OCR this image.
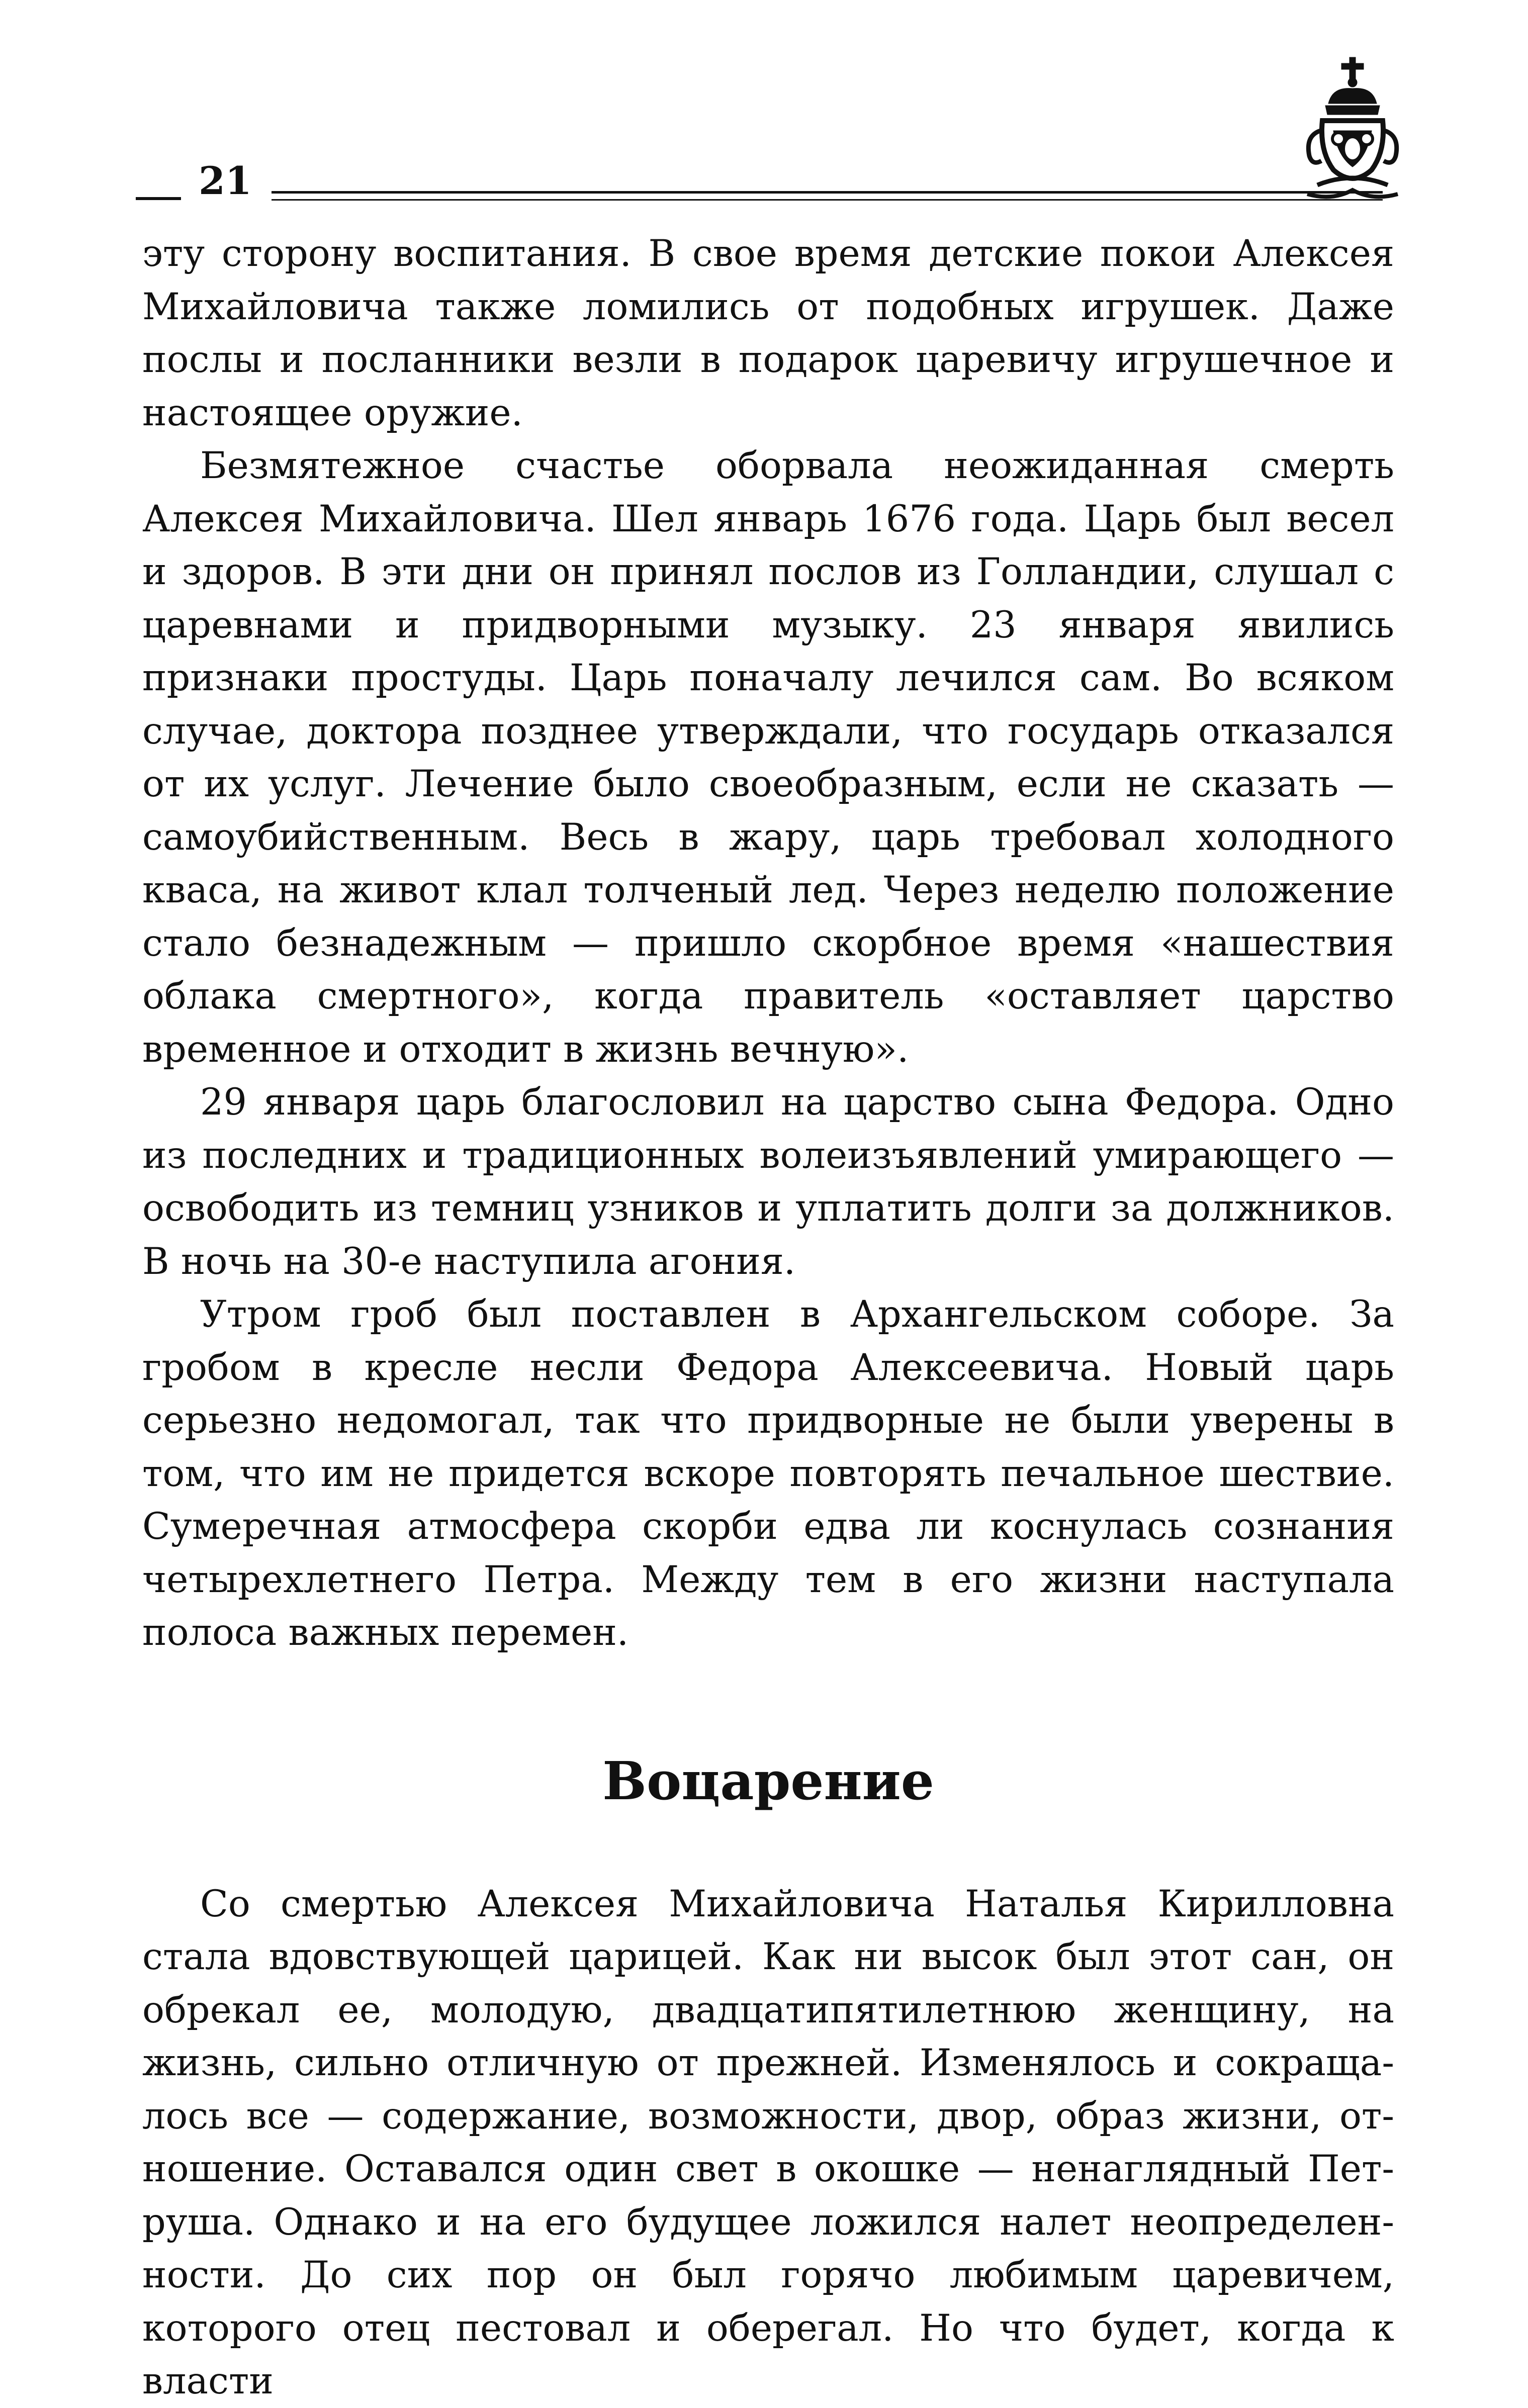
21

эту сторону воспитания. В свое время детские покои Алексея Михайловича также ломились от подобных игрушек. Даже послы и посланники везли в подарок царевичу игрушечное и настоящее оружие.

Безмятежное счастье оборвала неожиданная смерть Алексея Михайловича. Шел январь 1676 года. Царь был весел и здоров. В эти дни он принял послов из Голландии, слушал с царевнами и придворными музыку. 23 января явились признаки простуды. Царь поначалу лечился сам. Во всяком случае, доктора позднее утверждали, что государь отказался от их услуг. Лечение было своеобразным, если не сказать — самоубийственным. Весь в жару, царь требовал холодного кваса, на живот клал толченый лед. Через неделю положение стало безнадежным — пришло скорбное время «нашествия облака смертного», когда правитель «оставляет царство временное и отходит в жизнь вечную».

29 января царь благословил на царство сына Федора. Одно из последних и традиционных волеизъявлений умирающего — освободить из темниц узников и уплатить долги за должников. В ночь на 30-е наступила агония.

Утром гроб был поставлен в Архангельском соборе. За гробом в кресле несли Федора Алексеевича. Новый царь серьезно недомогал, так что придворные не были уверены в том, что им не придется вскоре повторять печальное шествие. Сумеречная атмосфера скорби едва ли коснулась сознания четырехлетнего Петра. Между тем в его жизни наступала полоса важных перемен.

Воцарение

Со смертью Алексея Михайловича Наталья Кирилловна стала вдовствующей царицей. Как ни высок был этот сан, он обрекал ее, молодую, двадцатипятилетнюю женщину, на жизнь, сильно отличную от прежней. Изменялось и сокращалось все — содержание, возможности, двор, образ жизни, отношение. Оставался один свет в окошке — ненаглядный Петруша. Однако и на его будущее ложился налет неопределенности. До сих пор он был горячо любимым царевичем, которого отец пестовал и оберегал. Но что будет, когда к власти
